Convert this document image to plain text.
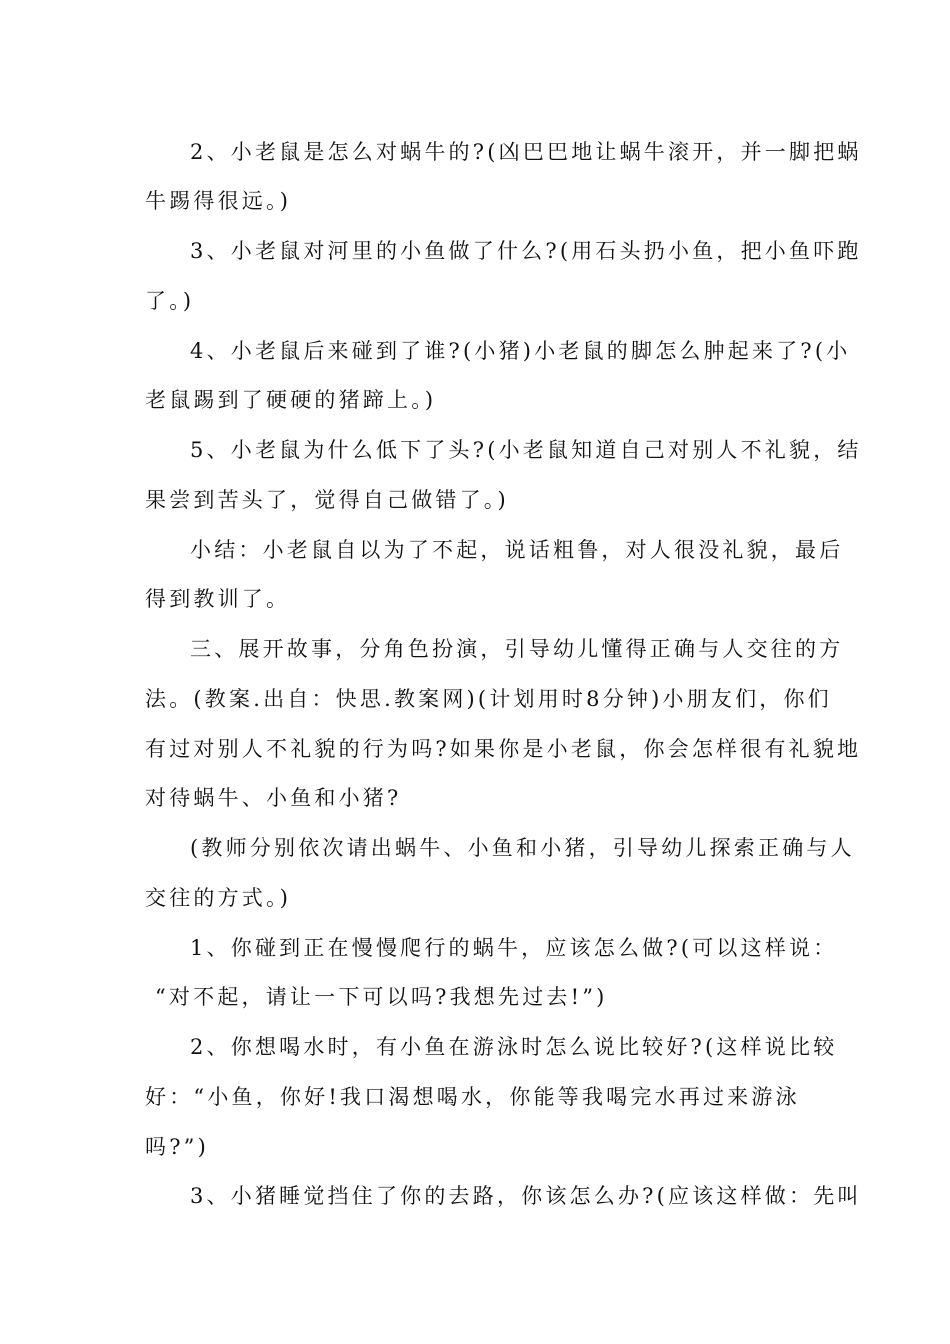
2、小老鼠是怎么对蜗牛的?(凶巴巴地让蜗牛滚开，并一脚把蜗
牛踢得很远。)
3、小老鼠对河里的小鱼做了什么?(用石头扔小鱼，把小鱼吓跑
了。)
4、小老鼠后来碰到了谁?(小猪)小老鼠的脚怎么肿起来了?(小
老鼠踢到了硬硬的猪蹄上。)
5、小老鼠为什么低下了头?(小老鼠知道自己对别人不礼貌，结
果尝到苦头了，觉得自己做错了。)
小结：小老鼠自以为了不起，说话粗鲁，对人很没礼貌，最后
得到教训了。
三、展开故事，分角色扮演，引导幼儿懂得正确与人交往的方
法。(教案.出自：快思.教案网)(计划用时8分钟)小朋友们，你们
有过对别人不礼貌的行为吗?如果你是小老鼠，你会怎样很有礼貌地
对待蜗牛、小鱼和小猪?
(教师分别依次请出蜗牛、小鱼和小猪，引导幼儿探索正确与人
交往的方式。)
1、你碰到正在慢慢爬行的蜗牛，应该怎么做?(可以这样说：
“对不起，请让一下可以吗?我想先过去!”)
2、你想喝水时，有小鱼在游泳时怎么说比较好?(这样说比较
好：“小鱼，你好!我口渴想喝水，你能等我喝完水再过来游泳
吗?”)
3、小猪睡觉挡住了你的去路，你该怎么办?(应该这样做：先叫
